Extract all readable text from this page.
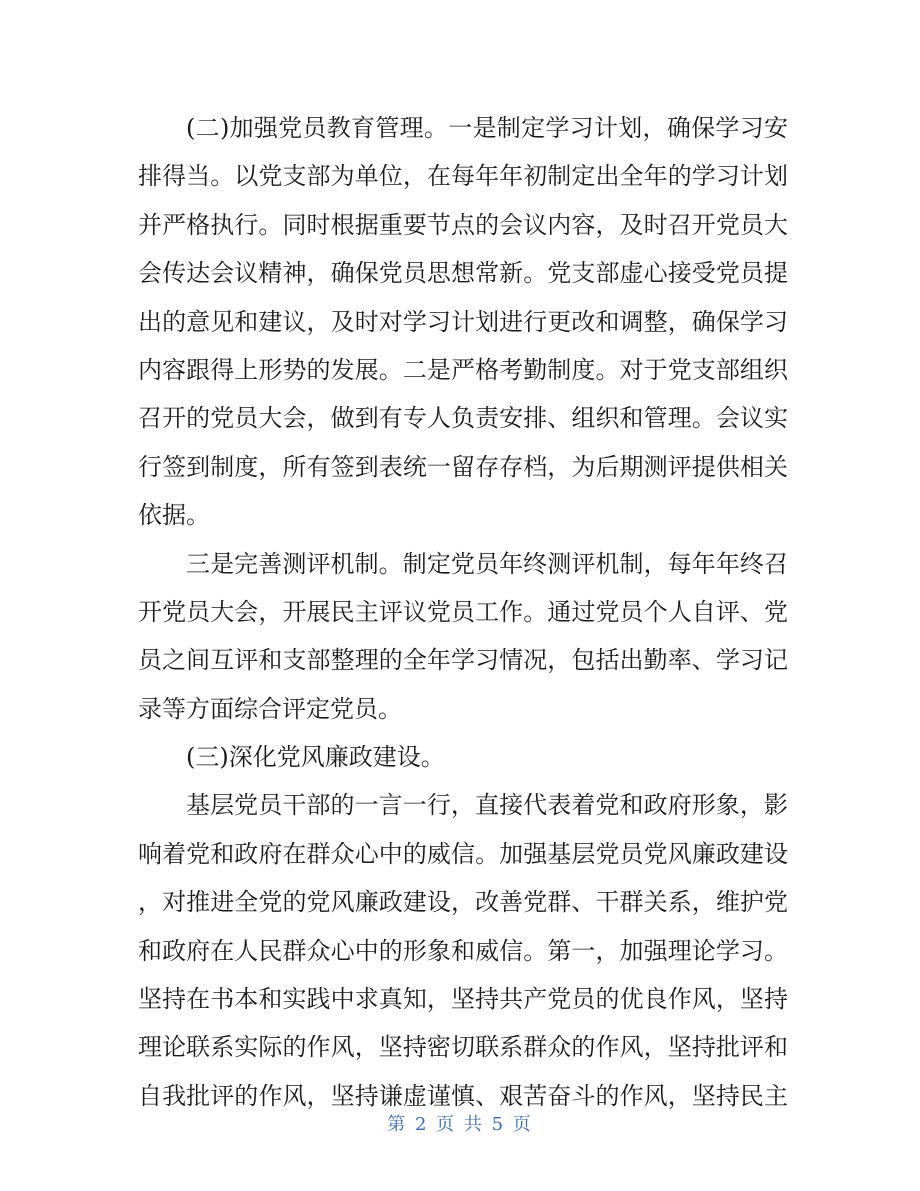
(二)加强党员教育管理。一是制定学习计划，确保学习安
排得当。以党支部为单位，在每年年初制定出全年的学习计划
并严格执行。同时根据重要节点的会议内容，及时召开党员大
会传达会议精神，确保党员思想常新。党支部虚心接受党员提
出的意见和建议，及时对学习计划进行更改和调整，确保学习
内容跟得上形势的发展。二是严格考勤制度。对于党支部组织
召开的党员大会，做到有专人负责安排、组织和管理。会议实
行签到制度，所有签到表统一留存存档，为后期测评提供相关
依据。
三是完善测评机制。制定党员年终测评机制，每年年终召
开党员大会，开展民主评议党员工作。通过党员个人自评、党
员之间互评和支部整理的全年学习情况，包括出勤率、学习记
录等方面综合评定党员。
(三)深化党风廉政建设。
基层党员干部的一言一行，直接代表着党和政府形象，影
响着党和政府在群众心中的威信。加强基层党员党风廉政建设
，对推进全党的党风廉政建设，改善党群、干群关系，维护党
和政府在人民群众心中的形象和威信。第一，加强理论学习。
坚持在书本和实践中求真知，坚持共产党员的优良作风，坚持
理论联系实际的作风，坚持密切联系群众的作风，坚持批评和
自我批评的作风，坚持谦虚谨慎、艰苦奋斗的作风，坚持民主
第 2 页 共 5 页
